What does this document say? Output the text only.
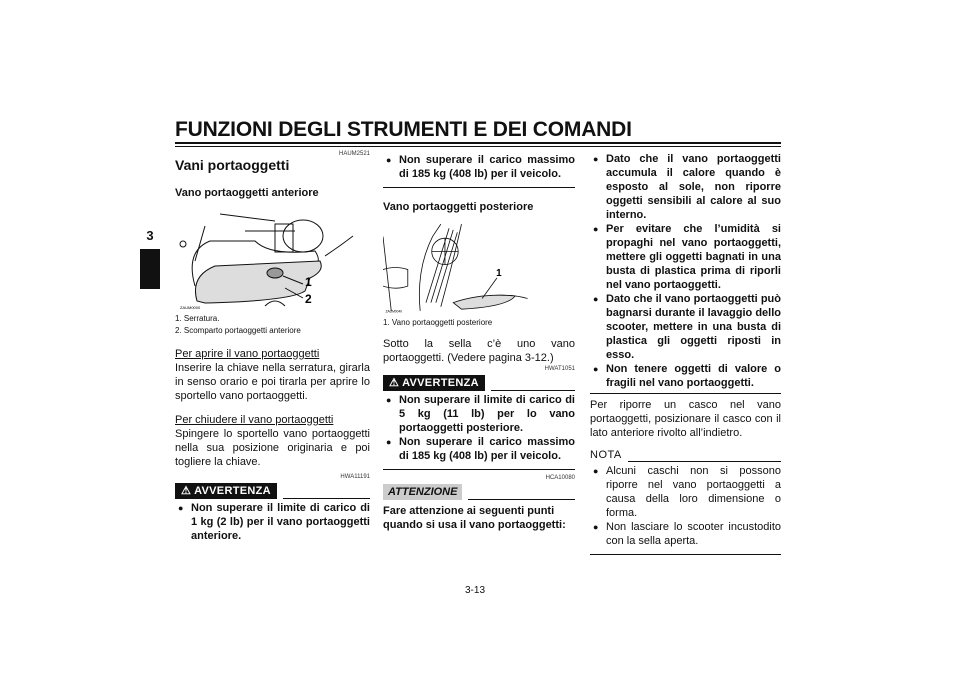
FUNZIONI DEGLI STRUMENTI E DEI COMANDI
3
HAUM2521
Vani portaoggetti
Vano portaoggetti anteriore
1
2
ZAUM0000
1. Serratura.
2. Scomparto portaoggetti anteriore
Per aprire il vano portaoggetti

Inserire la chiave nella serratura, girarla in senso orario e poi tirarla per aprire lo sportello vano portaoggetti.

Per chiudere il vano portaoggetti

Spingere lo sportello vano portaoggetti nella sua posizione originaria e poi togliere la chiave.

HWA11191
⚠ AVVERTENZA
● Non superare il limite di carico di 1 kg (2 lb) per il vano portaoggetti anteriore.
● Non superare il carico massimo di 185 kg (408 lb) per il veicolo.
Vano portaoggetti posteriore
1
ZAUM0040
1. Vano portaoggetti posteriore

Sotto la sella c’è uno vano portaoggetti. (Vedere pagina 3-12.)

HWAT1051
⚠ AVVERTENZA
● Non superare il limite di carico di 5 kg (11 lb) per lo vano portaoggetti posteriore.
● Non superare il carico massimo di 185 kg (408 lb) per il veicolo.
HCA10080
ATTENZIONE

Fare attenzione ai seguenti punti quando si usa il vano portaoggetti:

● Dato che il vano portaoggetti accumula il calore quando è esposto al sole, non riporre oggetti sensibili al calore al suo interno.
● Per evitare che l’umidità si propaghi nel vano portaoggetti, mettere gli oggetti bagnati in una busta di plastica prima di riporli nel vano portaoggetti.
● Dato che il vano portaoggetti può bagnarsi durante il lavaggio dello scooter, mettere in una busta di plastica gli oggetti riposti in esso.
● Non tenere oggetti di valore o fragili nel vano portaoggetti.

Per riporre un casco nel vano portaoggetti, posizionare il casco con il lato anteriore rivolto all’indietro.

NOTA
● Alcuni caschi non si possono riporre nel vano portaoggetti a causa della loro dimensione o forma.
● Non lasciare lo scooter incustodito con la sella aperta.
3-13
